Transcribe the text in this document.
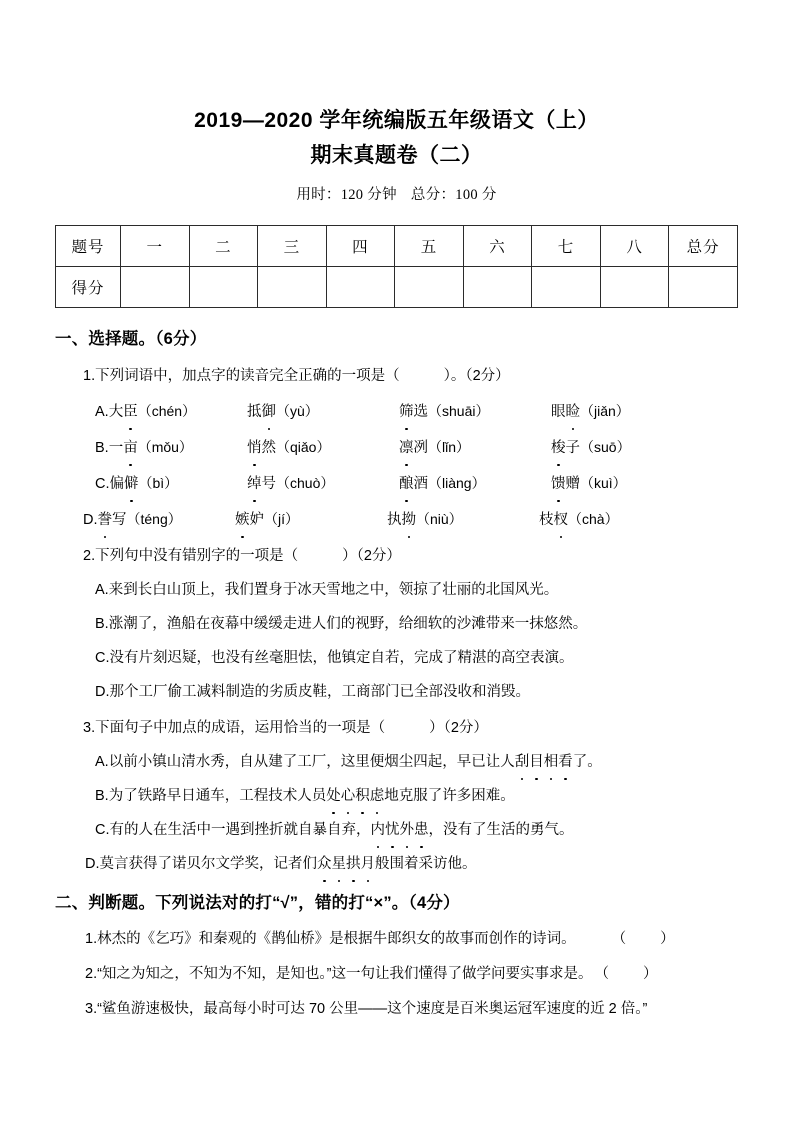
2019—2020 学年统编版五年级语文（上）
期末真题卷（二）
用时：120 分钟 总分：100 分
题号	一	二	三	四	五	六	七	八	总分
得分									
一、选择题。（6分）
1.下列词语中，加点字的读音完全正确的一项是（	）。（2分）
A.大臣（chén）	抵御（yù）	筛选（shuāi）	眼睑（jiǎn）
B.一亩（mǒu）	悄然（qiǎo）	凛冽（lǐn）	梭子（suō）
C.偏僻（bì）	绰号（chuò）	酿酒（liàng）	馈赠（kuì）
D.誊写（téng）	嫉妒（jí）	执拗（niù）	枝杈（chà）
2.下列句中没有错别字的一项是（	）（2分）
A.来到长白山顶上，我们置身于冰天雪地之中，领掠了壮丽的北国风光。
B.涨潮了，渔船在夜幕中缓缓走进人们的视野，给细软的沙滩带来一抹悠然。
C.没有片刻迟疑，也没有丝毫胆怯，他镇定自若，完成了精湛的高空表演。
D.那个工厂偷工减料制造的劣质皮鞋，工商部门已全部没收和消毁。
3.下面句子中加点的成语，运用恰当的一项是（	）（2分）
A.以前小镇山清水秀，自从建了工厂，这里便烟尘四起，早已让人刮目相看了。
B.为了铁路早日通车，工程技术人员处心积虑地克服了许多困难。
C.有的人在生活中一遇到挫折就自暴自弃，内忧外患，没有了生活的勇气。
D.莫言获得了诺贝尔文学奖，记者们众星拱月般围着采访他。
二、判断题。下列说法对的打“√”，错的打“×”。（4分）
1.林杰的《乞巧》和秦观的《鹊仙桥》是根据牛郎织女的故事而创作的诗词。 （ ）
2.“知之为知之，不知为不知，是知也。”这一句让我们懂得了做学问要实事求是。 （ ）
3.“鲨鱼游速极快，最高每小时可达 70 公里——这个速度是百米奥运冠军速度的近 2 倍。”
